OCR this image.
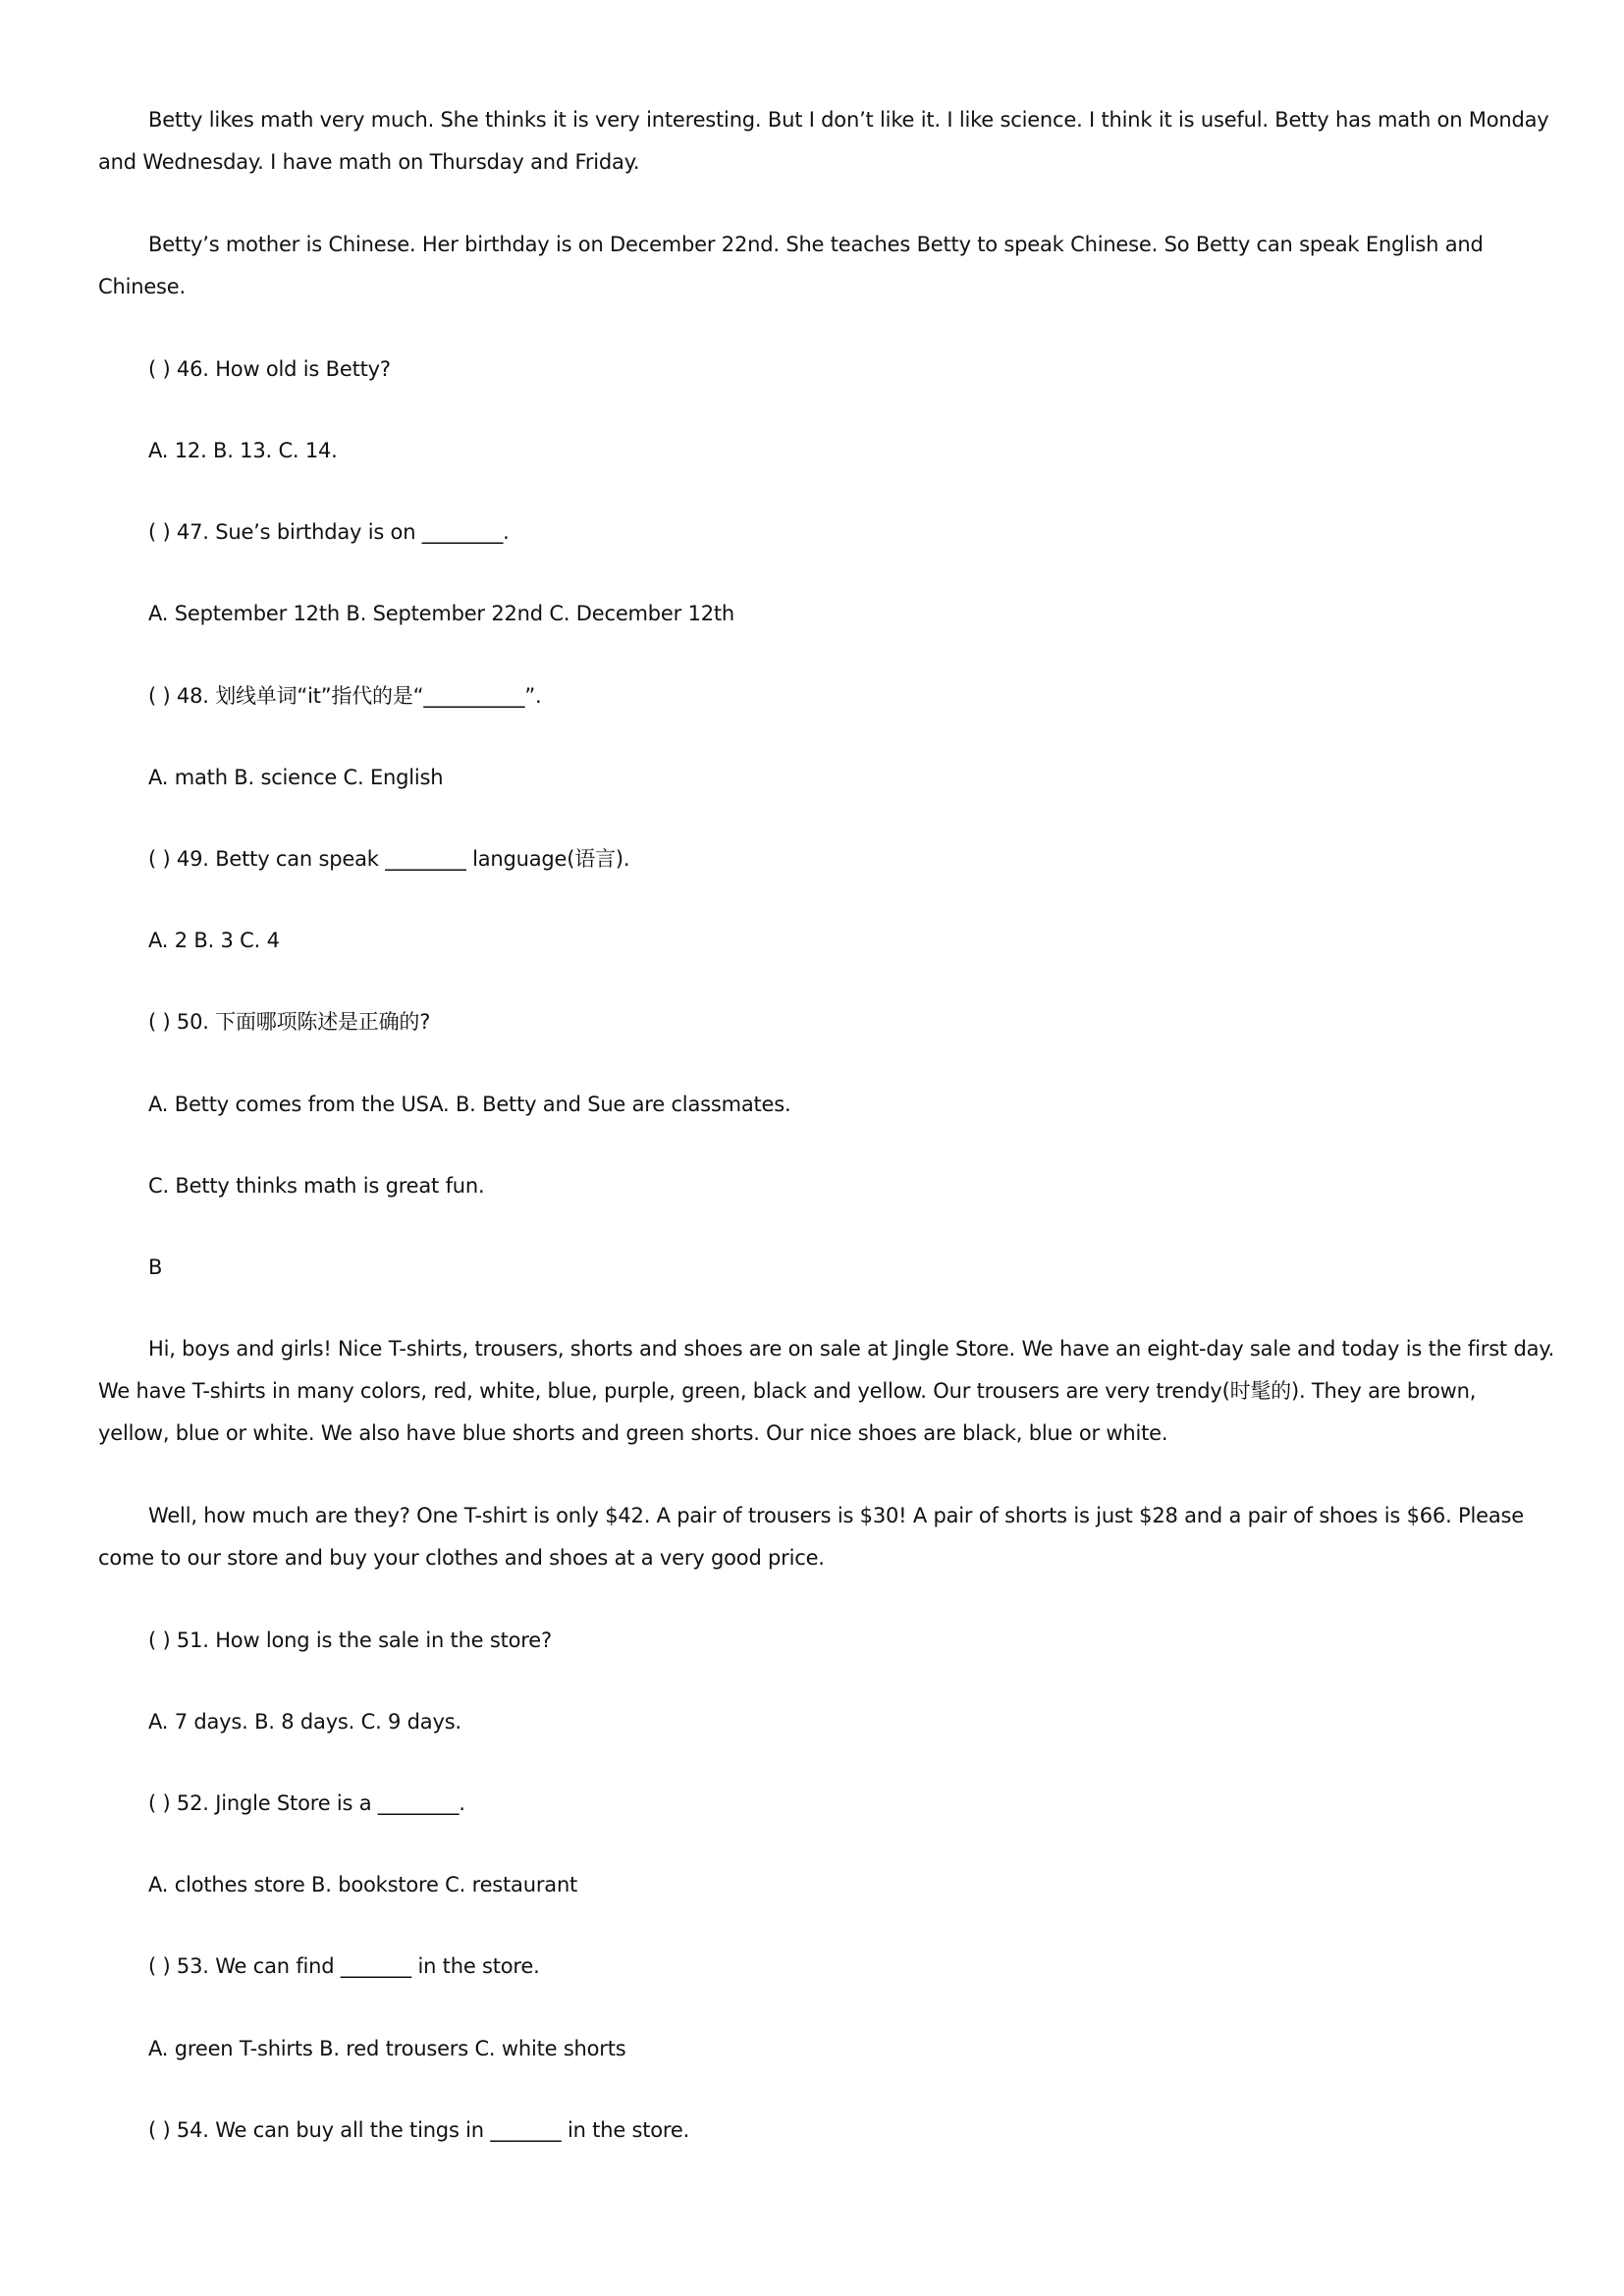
Betty likes math very much. She thinks it is very interesting. But I don’t like it. I like science. I think it is useful. Betty has math on Monday
and Wednesday. I have math on Thursday and Friday.
Betty’s mother is Chinese. Her birthday is on December 22nd. She teaches Betty to speak Chinese. So Betty can speak English and
Chinese.
( ) 46. How old is Betty?
A. 12. B. 13. C. 14.
( ) 47. Sue’s birthday is on ________.
A. September 12th B. September 22nd C. December 12th
( ) 48. 划线单词“it”指代的是“__________”.
A. math B. science C. English
( ) 49. Betty can speak ________ language(语言).
A. 2 B. 3 C. 4
( ) 50. 下面哪项陈述是正确的?
A. Betty comes from the USA. B. Betty and Sue are classmates.
C. Betty thinks math is great fun.
B
Hi, boys and girls! Nice T-shirts, trousers, shorts and shoes are on sale at Jingle Store. We have an eight-day sale and today is the first day.
We have T-shirts in many colors, red, white, blue, purple, green, black and yellow. Our trousers are very trendy(时髦的). They are brown,
yellow, blue or white. We also have blue shorts and green shorts. Our nice shoes are black, blue or white.
Well, how much are they? One T-shirt is only $42. A pair of trousers is $30! A pair of shorts is just $28 and a pair of shoes is $66. Please
come to our store and buy your clothes and shoes at a very good price.
( ) 51. How long is the sale in the store?
A. 7 days. B. 8 days. C. 9 days.
( ) 52. Jingle Store is a ________.
A. clothes store B. bookstore C. restaurant
( ) 53. We can find _______ in the store.
A. green T-shirts B. red trousers C. white shorts
( ) 54. We can buy all the tings in _______ in the store.
